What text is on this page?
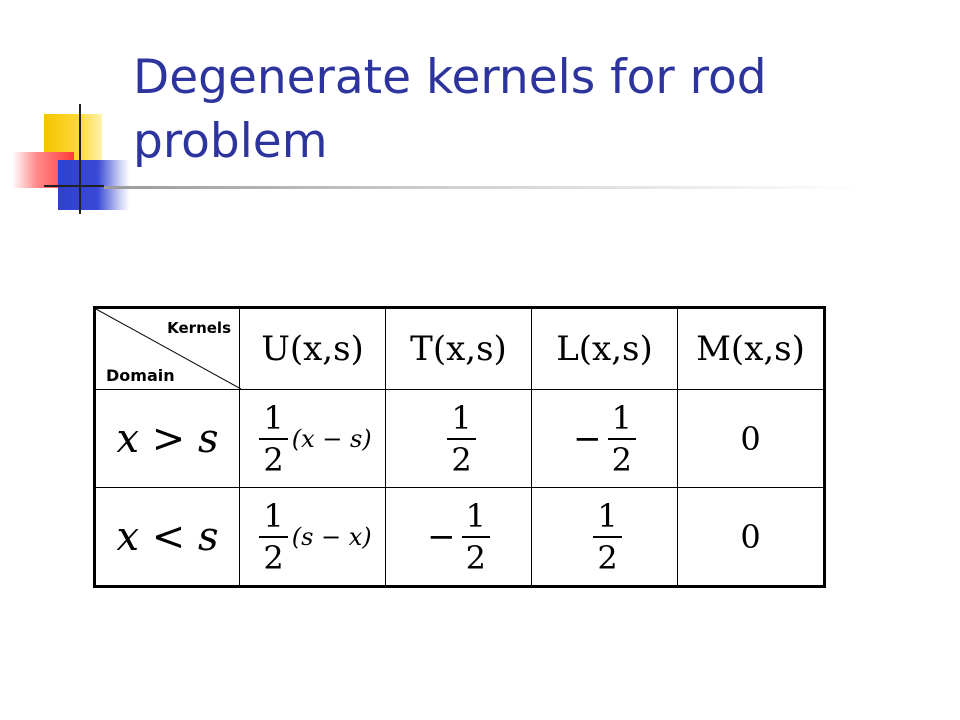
Degenerate kernels for rod problem
Kernels
Domain	U(x,s)	T(x,s)	L(x,s)	M(x,s)
x > s	$\frac{1}{2} (x - s)$	$\frac{1}{2}$	− $\frac{1}{2}$	0
x < s	$\frac{1}{2} (s - x)$	− $\frac{1}{2}$	$\frac{1}{2}$	0
